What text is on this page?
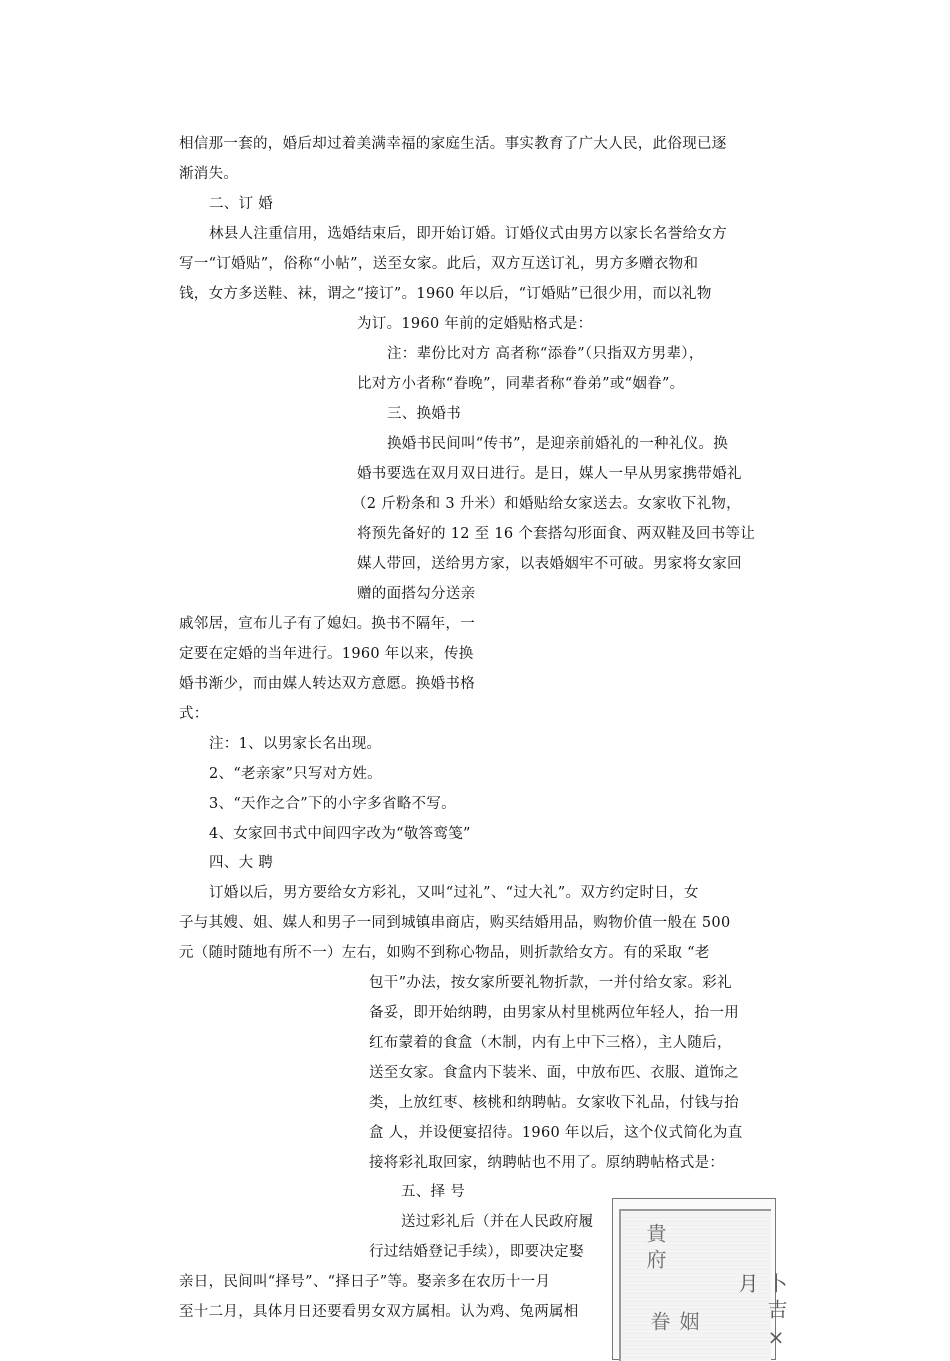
相信那一套的，婚后却过着美满幸福的家庭生活。事实教育了广大人民，此俗现已逐
渐消失。
二、订 婚
林县人注重信用，选婚结束后，即开始订婚。订婚仪式由男方以家长名誉给女方
写一“订婚贴”，俗称“小帖”，送至女家。此后，双方互送订礼，男方多赠衣物和
钱，女方多送鞋、袜，谓之“接订”。1960 年以后，“订婚贴”已很少用，而以礼物
为订。1960 年前的定婚贴格式是：
注：辈份比对方 高者称“添眷”（只指双方男辈），
比对方小者称“眷晚”，同辈者称“眷弟”或“姻眷”。
三、换婚书
换婚书民间叫“传书”，是迎亲前婚礼的一种礼仪。换
婚书要选在双月双日进行。是日，媒人一早从男家携带婚礼
（2 斤粉条和 3 升米）和婚贴给女家送去。女家收下礼物，
将预先备好的 12 至 16 个套搭勾形面食、两双鞋及回书等让
媒人带回，送给男方家，以表婚姻牢不可破。男家将女家回
赠的面搭勾分送亲
戚邻居，宣布儿子有了媳妇。换书不隔年，一
定要在定婚的当年进行。1960 年以来，传换
婚书渐少，而由媒人转达双方意愿。换婚书格
式：
注：1、以男家长名出现。
2、“老亲家”只写对方姓。
3、“天作之合”下的小字多省略不写。
4、女家回书式中间四字改为“敬答鸾笺”
四、大 聘
订婚以后，男方要给女方彩礼，又叫“过礼”、“过大礼”。双方约定时日，女
子与其嫂、姐、媒人和男子一同到城镇串商店，购买结婚用品，购物价值一般在 500
元（随时随地有所不一）左右，如购不到称心物品，则折款给女方。有的采取 “老
包干”办法，按女家所要礼物折款，一并付给女家。彩礼
备妥，即开始纳聘，由男家从村里桃两位年轻人，抬一用
红布蒙着的食盒（木制，内有上中下三格），主人随后，
送至女家。食盒内下装米、面，中放布匹、衣服、道饰之
类，上放红枣、核桃和纳聘帖。女家收下礼品，付钱与抬
盒 人，并设便宴招待。1960 年以后，这个仪式简化为直
接将彩礼取回家，纳聘帖也不用了。原纳聘帖格式是：
五、择 号
送过彩礼后（并在人民政府履
行过结婚登记手续），即要决定娶
亲日，民间叫“择号”、“择日子”等。娶亲多在农历十一月
至十二月，具体月日还要看男女双方属相。认为鸡、兔两属相
貴府
姻眷	卜吉×月
